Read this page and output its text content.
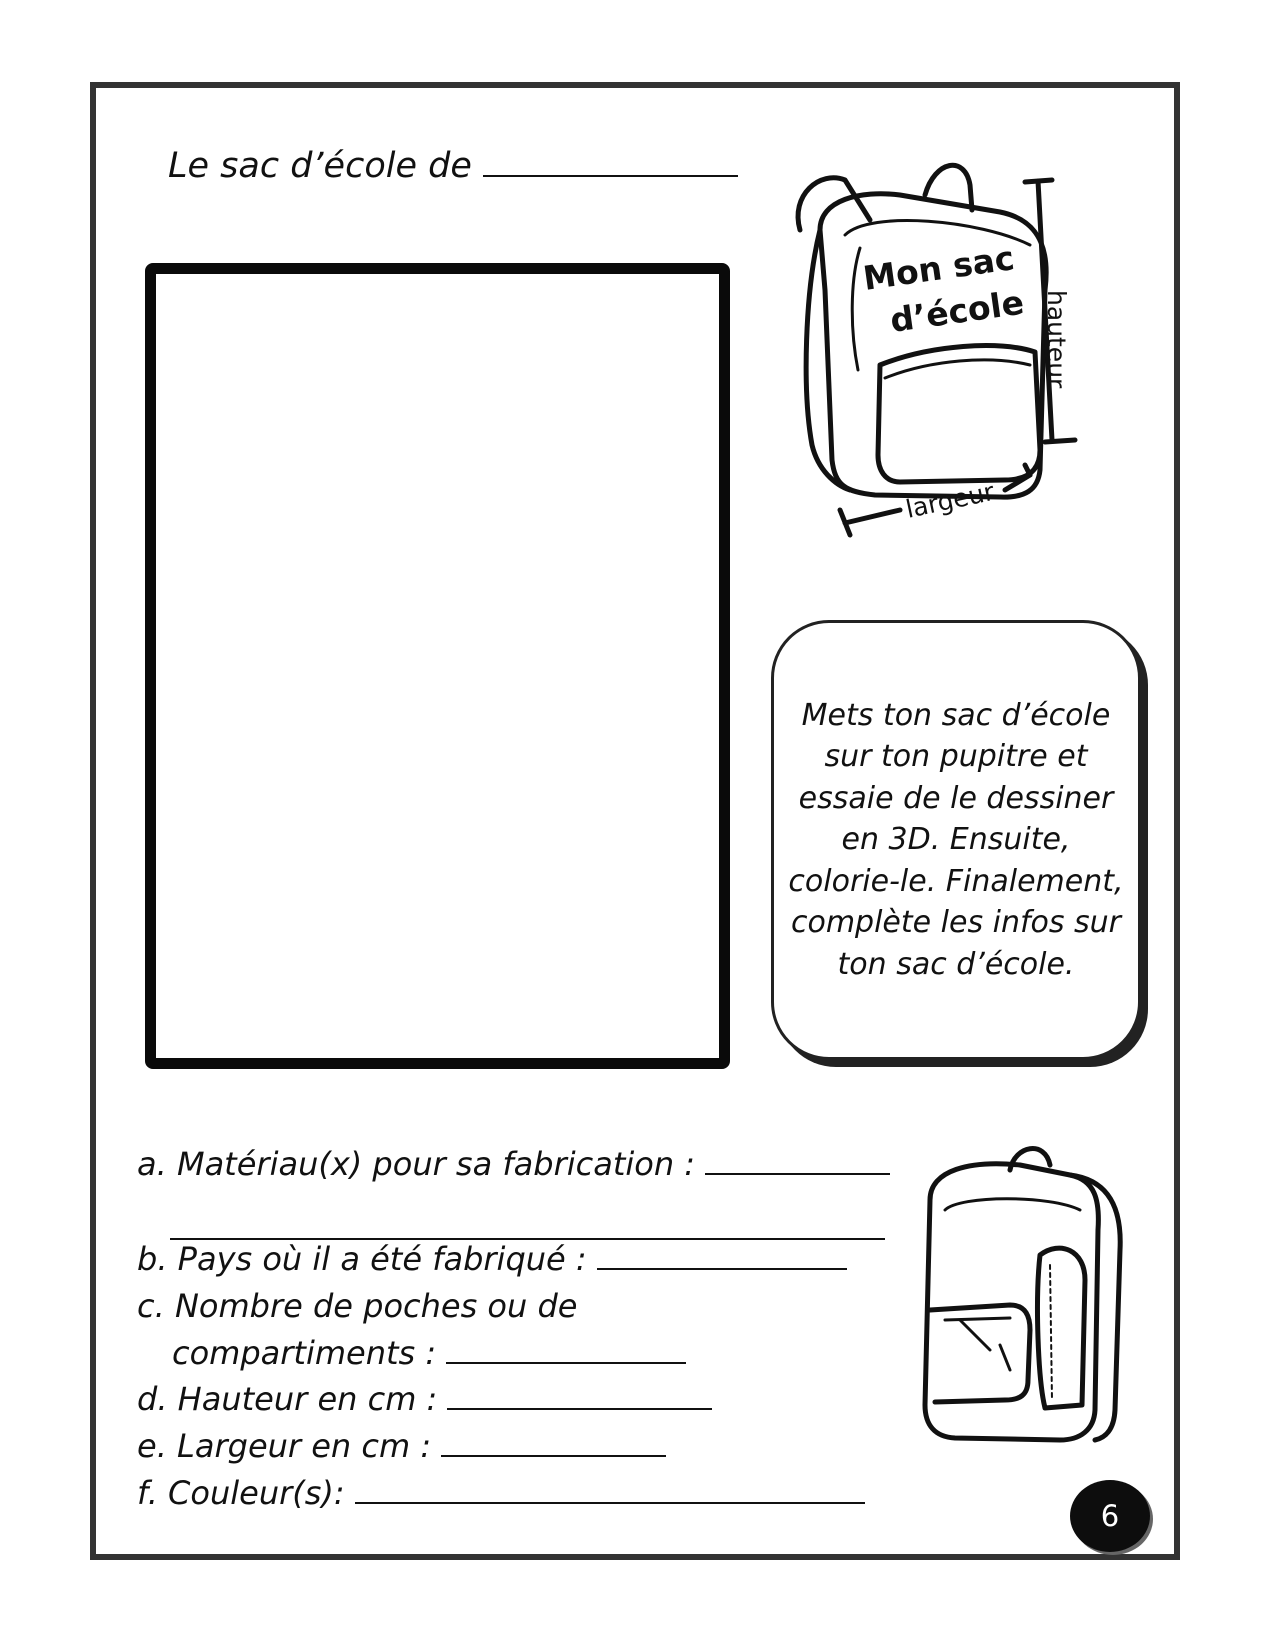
Le sac d’école de
Mon sac
d’école hauteur
largeur
Mets ton sac d’école sur ton pupitre et essaie de le dessiner en 3D. Ensuite, colorie-le. Finalement, complète les infos sur ton sac d’école.
a. Matériau(x) pour sa fabrication :
b. Pays où il a été fabriqué :
c. Nombre de poches ou de
compartiments :
d. Hauteur en cm :
e. Largeur en cm :
f. Couleur(s):
6
